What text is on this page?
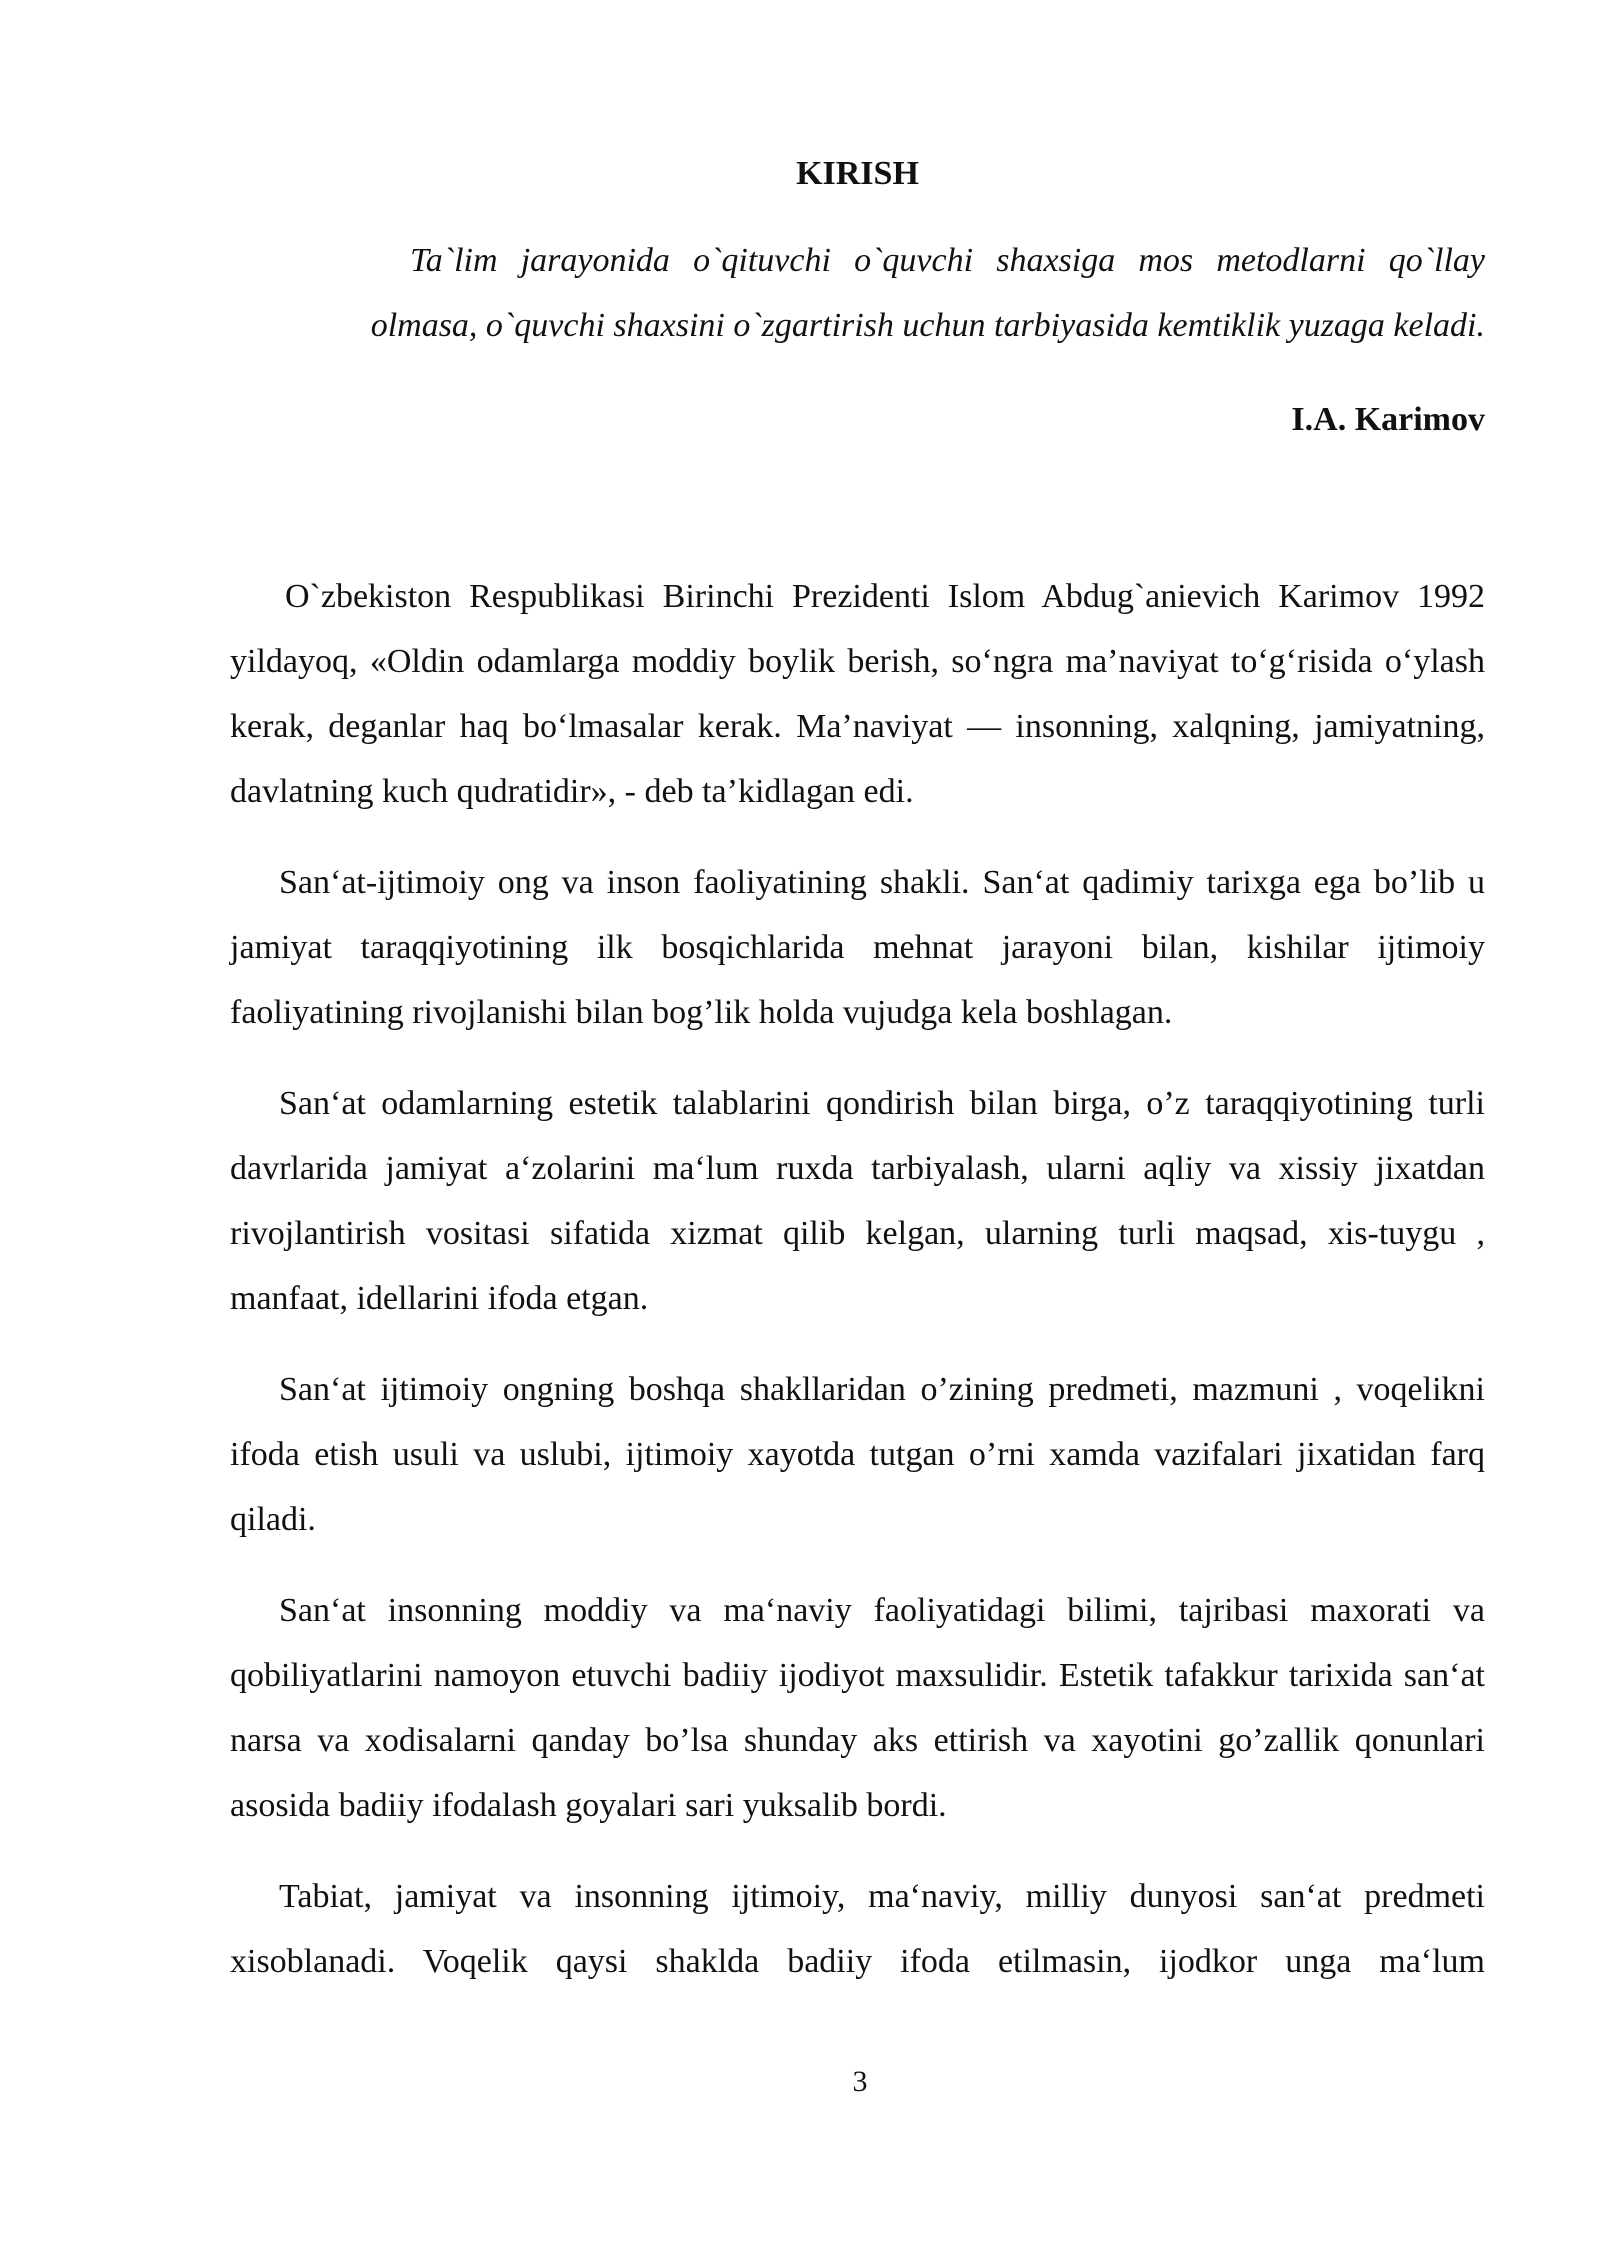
KIRISH
Ta`lim jarayonida o`qituvchi o`quvchi shaxsiga mos metodlarni qo`llay olmasa, o`quvchi shaxsini o`zgartirish uchun tarbiyasida kemtiklik yuzaga keladi.
I.A. Karimov

O`zbekiston Respublikasi Birinchi Prezidenti Islom Abdug`anievich Karimov 1992 yildayoq, «Oldin odamlarga moddiy boylik berish, so‘ngra ma’naviyat to‘g‘risida o‘ylash kerak, deganlar haq bo‘lmasalar kerak. Ma’naviyat — insonning, xalqning, jamiyatning, davlatning kuch qudratidir», - deb ta’kidlagan edi.

San‘at-ijtimoiy ong va inson faoliyatining shakli. San‘at qadimiy tarixga ega bo’lib u jamiyat taraqqiyotining ilk bosqichlarida mehnat jarayoni bilan, kishilar ijtimoiy faoliyatining rivojlanishi bilan bog’lik holda vujudga kela boshlagan.

San‘at odamlarning estetik talablarini qondirish bilan birga, o’z taraqqiyotining turli davrlarida jamiyat a‘zolarini ma‘lum ruxda tarbiyalash, ularni aqliy va xissiy jixatdan rivojlantirish vositasi sifatida xizmat qilib kelgan, ularning turli maqsad, xis-tuygu , manfaat, idellarini ifoda etgan.

San‘at ijtimoiy ongning boshqa shakllaridan o’zining predmeti, mazmuni , voqelikni ifoda etish usuli va uslubi, ijtimoiy xayotda tutgan o’rni xamda vazifalari jixatidan farq qiladi.

San‘at insonning moddiy va ma‘naviy faoliyatidagi bilimi, tajribasi maxorati va qobiliyatlarini namoyon etuvchi badiiy ijodiyot maxsulidir. Estetik tafakkur tarixida san‘at narsa va xodisalarni qanday bo’lsa shunday aks ettirish va xayotini go’zallik qonunlari asosida badiiy ifodalash goyalari sari yuksalib bordi.

Tabiat, jamiyat va insonning ijtimoiy, ma‘naviy, milliy dunyosi san‘at predmeti xisoblanadi. Voqelik qaysi shaklda badiiy ifoda etilmasin, ijodkor unga ma‘lum

3
